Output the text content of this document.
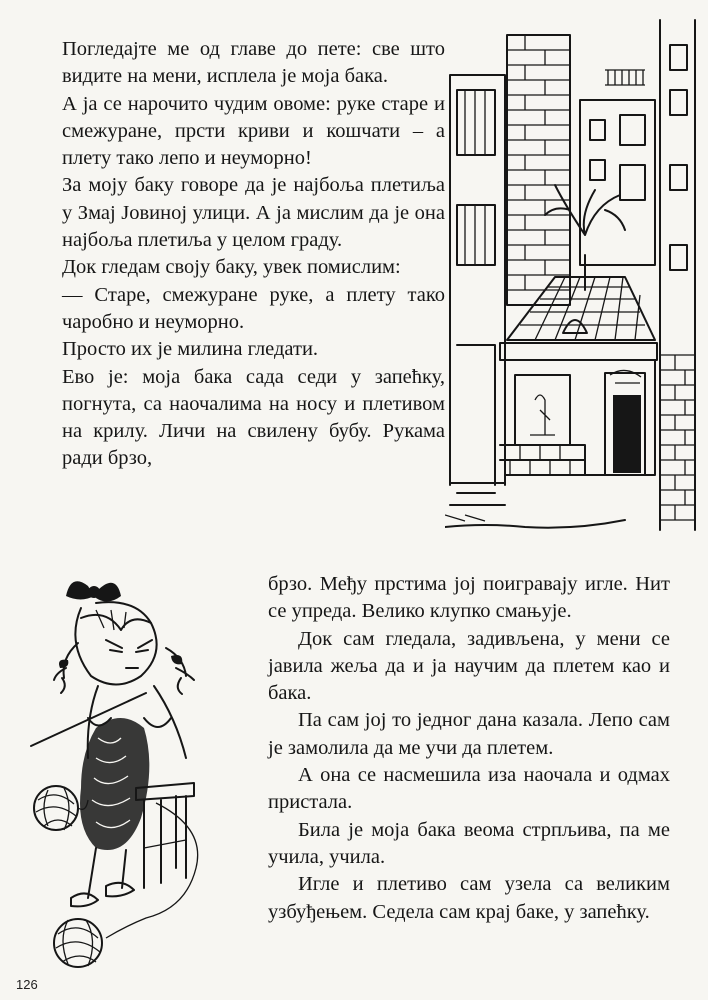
Погледајте ме од главе до пете: све што видите на мени, исплела је моја бака.

А ја се нарочито чудим овоме: руке старе и смежуране, прсти криви и кошчати – а плету тако лепо и неуморно!

За моју баку говоре да је најбоља плетиља у Змај Јовиној улици. А ја мислим да је она најбоља плетиља у целом граду.

Док гледам своју баку, увек помислим:

— Старе, смежуране руке, а плету тако чаробно и неуморно.

Просто их је милина гледати.

Ево је: моја бака сада седи у запећку, погнута, са наочалима на носу и плетивом на крилу. Личи на свилену бубу. Рукама ради брзо,

брзо. Међу прстима јој поигравају игле. Нит се упреда. Велико клупко смањује.

Док сам гледала, задивљена, у мени се јавила жеља да и ја научим да плетем као и бака.

Па сам јој то једног дана казала. Лепо сам је замолила да ме учи да плетем.

А она се насмешила иза наочала и одмах пристала.

Била је моја бака веома стрпљива, па ме учила, учила.

Игле и плетиво сам узела са великим узбуђењем. Седела сам крај баке, у запећку.

126
